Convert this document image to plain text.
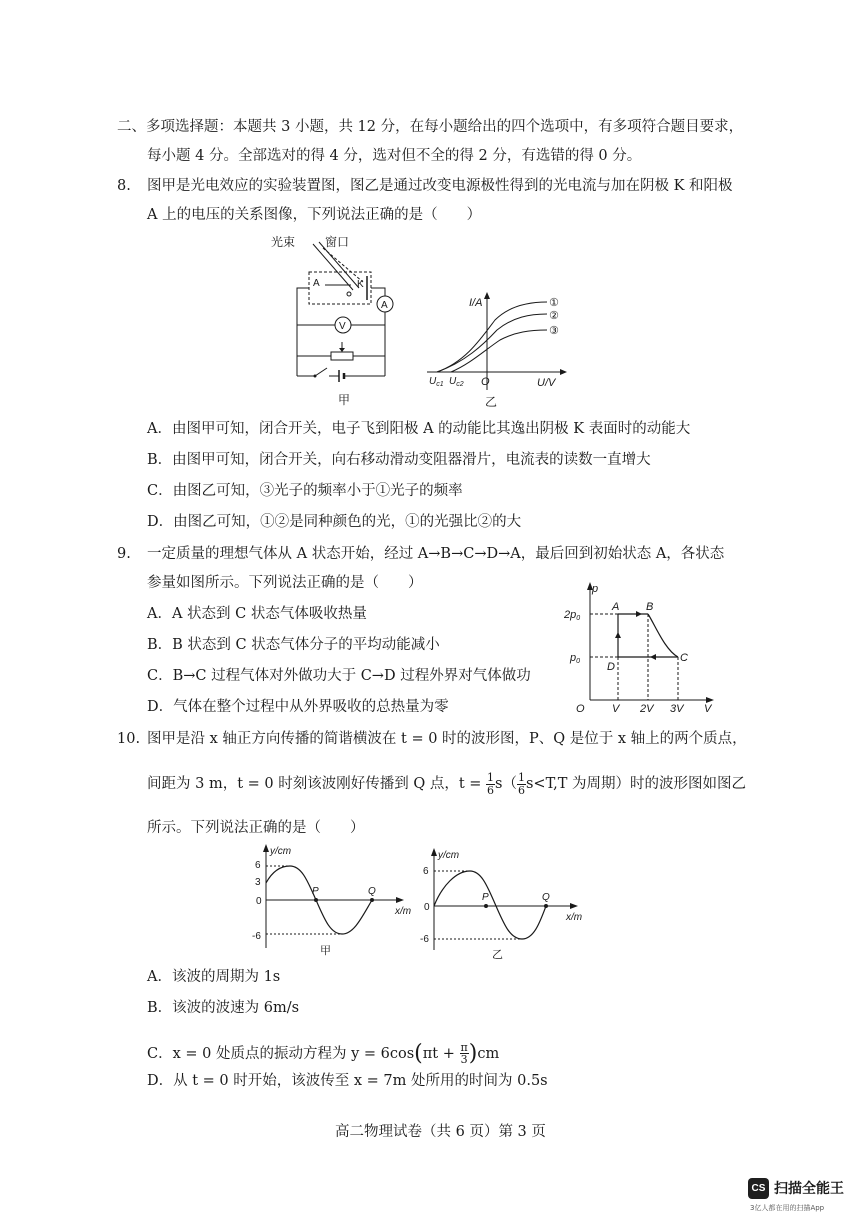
二、多项选择题：本题共 3 小题，共 12 分，在每小题给出的四个选项中，有多项符合题目要求，
每小题 4 分。全部选对的得 4 分，选对但不全的得 2 分，有选错的得 0 分。
8. 图甲是光电效应的实验装置图，图乙是通过改变电源极性得到的光电流与加在阴极 K 和阳极
A 上的电压的关系图像，下列说法正确的是（　　）
光束 窗口
A	K
A
V
甲
I/A
U/V
O
$U_{c1}$ $U_{c2}$
①
②
③
乙
A．由图甲可知，闭合开关，电子飞到阳极 A 的动能比其逸出阴极 K 表面时的动能大
B．由图甲可知，闭合开关，向右移动滑动变阻器滑片，电流表的读数一直增大
C．由图乙可知，③光子的频率小于①光子的频率
D．由图乙可知，①②是同种颜色的光，①的光强比②的大
9. 一定质量的理想气体从 A 状态开始，经过 A→B→C→D→A，最后回到初始状态 A，各状态
参量如图所示。下列说法正确的是（　　）
A．A 状态到 C 状态气体吸收热量
B．B 状态到 C 状态气体分子的平均动能减小
C．B→C 过程气体对外做功大于 C→D 过程外界对气体做功
D．气体在整个过程中从外界吸收的总热量为零
p
V
O
2p0
p0
V 2V 3V
A B
C
D
10. 图甲是沿 x 轴正方向传播的简谐横波在 t = 0 时的波形图，P、Q 是位于 x 轴上的两个质点，
间距为 3 m，t = 0 时刻该波刚好传播到 Q 点，$t = \frac{1}{6} s( \frac{1}{6} s<T,T$ 为周期）时的波形图如图乙
所示。下列说法正确的是（　　）
y/cm
x/m
6
3
0
-6
P	Q
甲
y/cm
x/m
6
0
-6
P	Q
乙
A．该波的周期为 1s
B．该波的波速为 6m/s
C．x = 0 处质点的振动方程为 $y = 6\cos(\pi t + \frac{\pi}{3} )cm$
D．从 t = 0 时开始，该波传至 x = 7m 处所用的时间为 0.5s
高二物理试卷（共 6 页）第 3 页
CS 扫描全能王
3亿人都在用的扫描App
